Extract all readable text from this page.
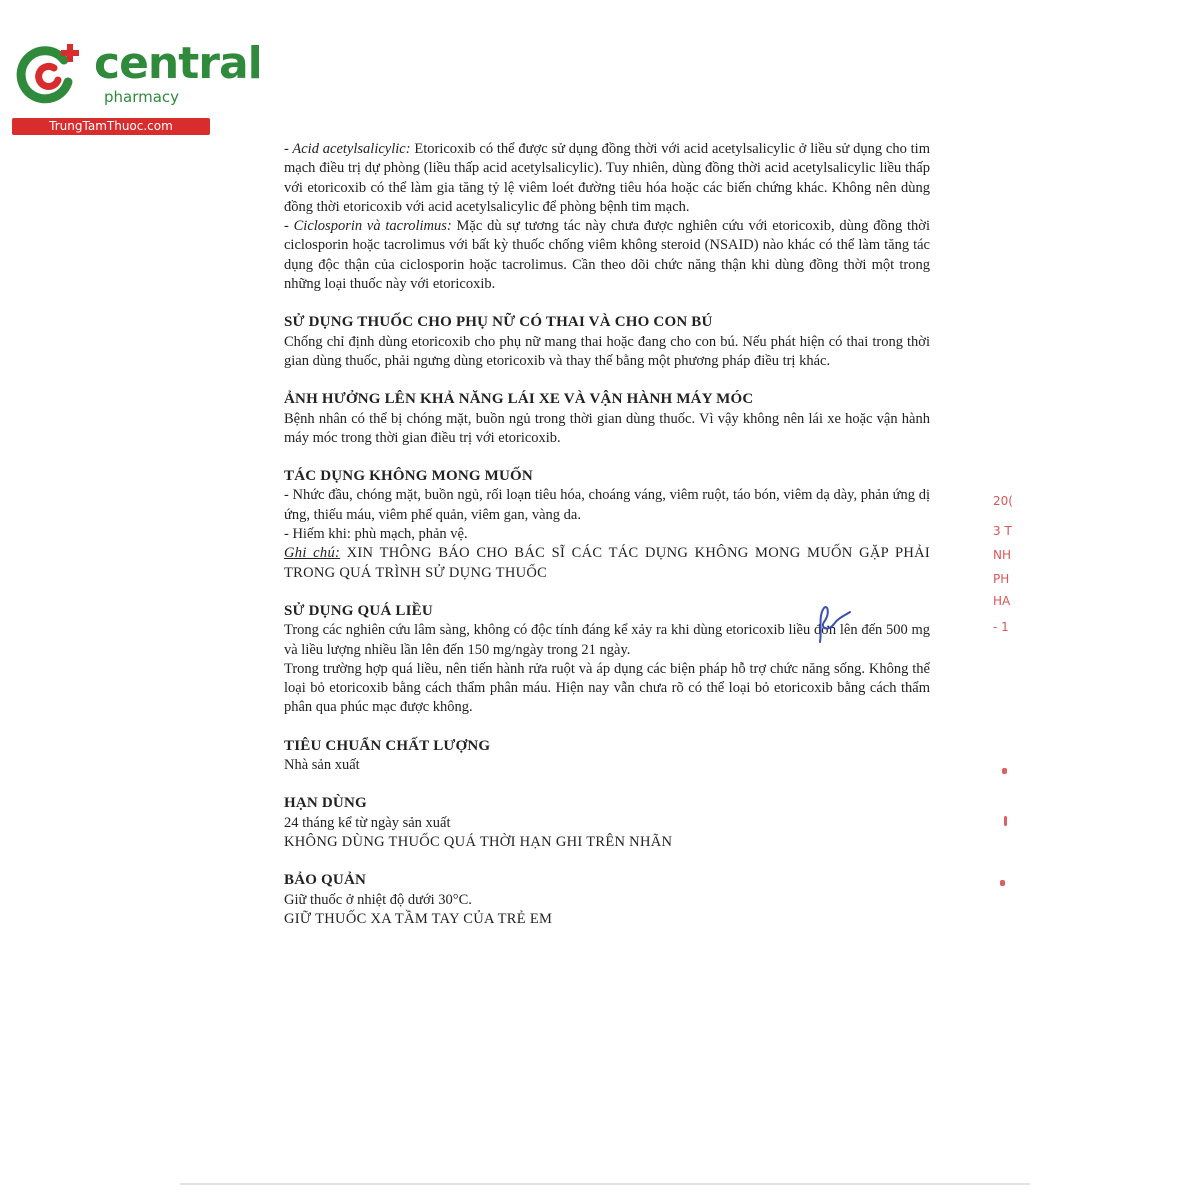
central
pharmacy
TrungTamThuoc.com

- Acid acetylsalicylic: Etoricoxib có thể được sử dụng đồng thời với acid acetylsalicylic ở liều sử dụng cho tim mạch điều trị dự phòng (liều thấp acid acetylsalicylic). Tuy nhiên, dùng đồng thời acid acetylsalicylic liều thấp với etoricoxib có thể làm gia tăng tỷ lệ viêm loét đường tiêu hóa hoặc các biến chứng khác. Không nên dùng đồng thời etoricoxib với acid acetylsalicylic để phòng bệnh tim mạch.

- Ciclosporin và tacrolimus: Mặc dù sự tương tác này chưa được nghiên cứu với etoricoxib, dùng đồng thời ciclosporin hoặc tacrolimus với bất kỳ thuốc chống viêm không steroid (NSAID) nào khác có thể làm tăng tác dụng độc thận của ciclosporin hoặc tacrolimus. Cần theo dõi chức năng thận khi dùng đồng thời một trong những loại thuốc này với etoricoxib.

SỬ DỤNG THUỐC CHO PHỤ NỮ CÓ THAI VÀ CHO CON BÚ

Chống chỉ định dùng etoricoxib cho phụ nữ mang thai hoặc đang cho con bú. Nếu phát hiện có thai trong thời gian dùng thuốc, phải ngưng dùng etoricoxib và thay thế bằng một phương pháp điều trị khác.

ẢNH HƯỞNG LÊN KHẢ NĂNG LÁI XE VÀ VẬN HÀNH MÁY MÓC

Bệnh nhân có thể bị chóng mặt, buồn ngủ trong thời gian dùng thuốc. Vì vậy không nên lái xe hoặc vận hành máy móc trong thời gian điều trị với etoricoxib.

TÁC DỤNG KHÔNG MONG MUỐN

- Nhức đầu, chóng mặt, buồn ngủ, rối loạn tiêu hóa, choáng váng, viêm ruột, táo bón, viêm dạ dày, phản ứng dị ứng, thiếu máu, viêm phế quản, viêm gan, vàng da.

- Hiếm khi: phù mạch, phản vệ.

Ghi chú: XIN THÔNG BÁO CHO BÁC SĨ CÁC TÁC DỤNG KHÔNG MONG MUỐN GẶP PHẢI TRONG QUÁ TRÌNH SỬ DỤNG THUỐC

SỬ DỤNG QUÁ LIỀU

Trong các nghiên cứu lâm sàng, không có độc tính đáng kể xảy ra khi dùng etoricoxib liều đơn lên đến 500 mg và liều lượng nhiều lần lên đến 150 mg/ngày trong 21 ngày.

Trong trường hợp quá liều, nên tiến hành rửa ruột và áp dụng các biện pháp hỗ trợ chức năng sống. Không thể loại bỏ etoricoxib bằng cách thẩm phân máu. Hiện nay vẫn chưa rõ có thể loại bỏ etoricoxib bằng cách thẩm phân qua phúc mạc được không.

TIÊU CHUẨN CHẤT LƯỢNG

Nhà sản xuất

HẠN DÙNG

24 tháng kể từ ngày sản xuất

KHÔNG DÙNG THUỐC QUÁ THỜI HẠN GHI TRÊN NHÃN

BẢO QUẢN

Giữ thuốc ở nhiệt độ dưới 30°C.

GIỮ THUỐC XA TẦM TAY CỦA TRẺ EM

20(
3 T
NH
PH
HA
- 1
